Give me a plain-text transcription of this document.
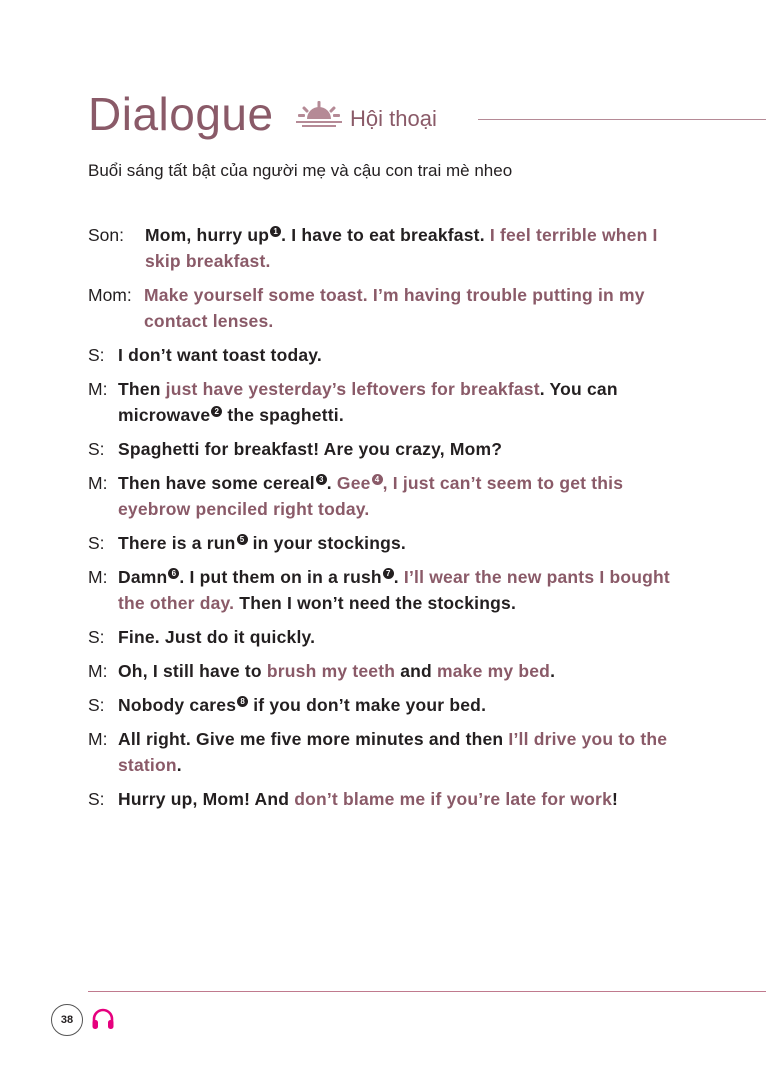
Dialogue	Hội thoại
Buổi sáng tất bật của người mẹ và cậu con trai mè nheo
Son:	Mom, hurry up 1 . I have to eat breakfast. I feel terrible when I skip breakfast.
Mom: Make yourself some toast. I’m having trouble putting in my contact lenses.
S: I don’t want toast today.
M: Then just have yesterday’s leftovers for breakfast. You can microwave 2 the spaghetti.
S: Spaghetti for breakfast! Are you crazy, Mom?
M: Then have some cereal 3 . Gee 4 , I just can’t seem to get this eyebrow penciled right today.
S: There is a run 5 in your stockings.
M: Damn 6 . I put them on in a rush 7 . I’ll wear the new pants I bought the other day. Then I won’t need the stockings.
S: Fine. Just do it quickly.
M: Oh, I still have to brush my teeth and make my bed.
S: Nobody cares 8 if you don’t make your bed.
M: All right. Give me five more minutes and then I’ll drive you to the station.
S: Hurry up, Mom! And don’t blame me if you’re late for work!
38
